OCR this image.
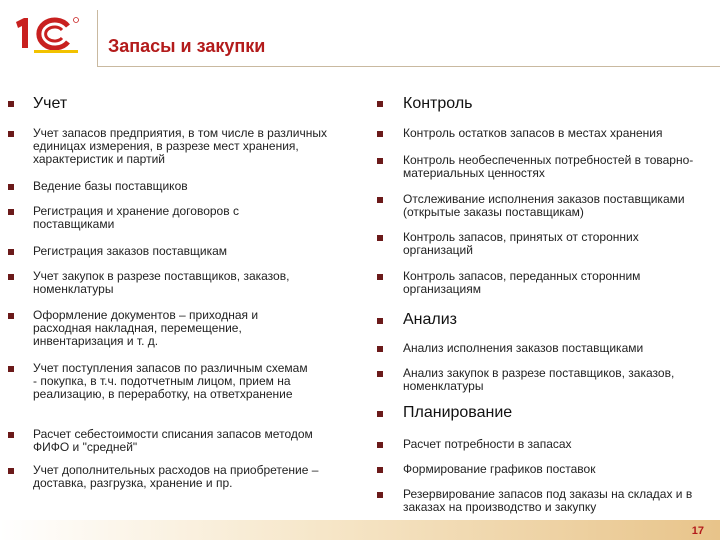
Запасы и закупки
Учет
Учет запасов предприятия, в том числе в различных единицах измерения, в разрезе мест хранения, характеристик и партий
Ведение базы поставщиков
Регистрация и хранение договоров с поставщиками
Регистрация заказов поставщикам
Учет закупок в разрезе поставщиков, заказов, номенклатуры
Оформление документов – приходная и расходная накладная, перемещение, инвентаризация и т. д.
Учет поступления запасов по различным схемам - покупка, в т.ч. подотчетным лицом, прием на реализацию, в переработку, на ответхранение
Расчет себестоимости списания запасов методом ФИФО и "средней"
Учет дополнительных расходов на приобретение – доставка, разгрузка, хранение и пр.
Контроль
Контроль остатков запасов в местах хранения
Контроль необеспеченных потребностей в товарно-материальных ценностях
Отслеживание исполнения заказов поставщиками (открытые заказы поставщикам)
Контроль запасов, принятых от сторонних организаций
Контроль запасов, переданных сторонним организациям
Анализ
Анализ исполнения заказов поставщиками
Анализ закупок в разрезе поставщиков, заказов, номенклатуры
Планирование
Расчет потребности в запасах
Формирование графиков поставок
Резервирование запасов под заказы на складах и в заказах на производство и закупку
17
